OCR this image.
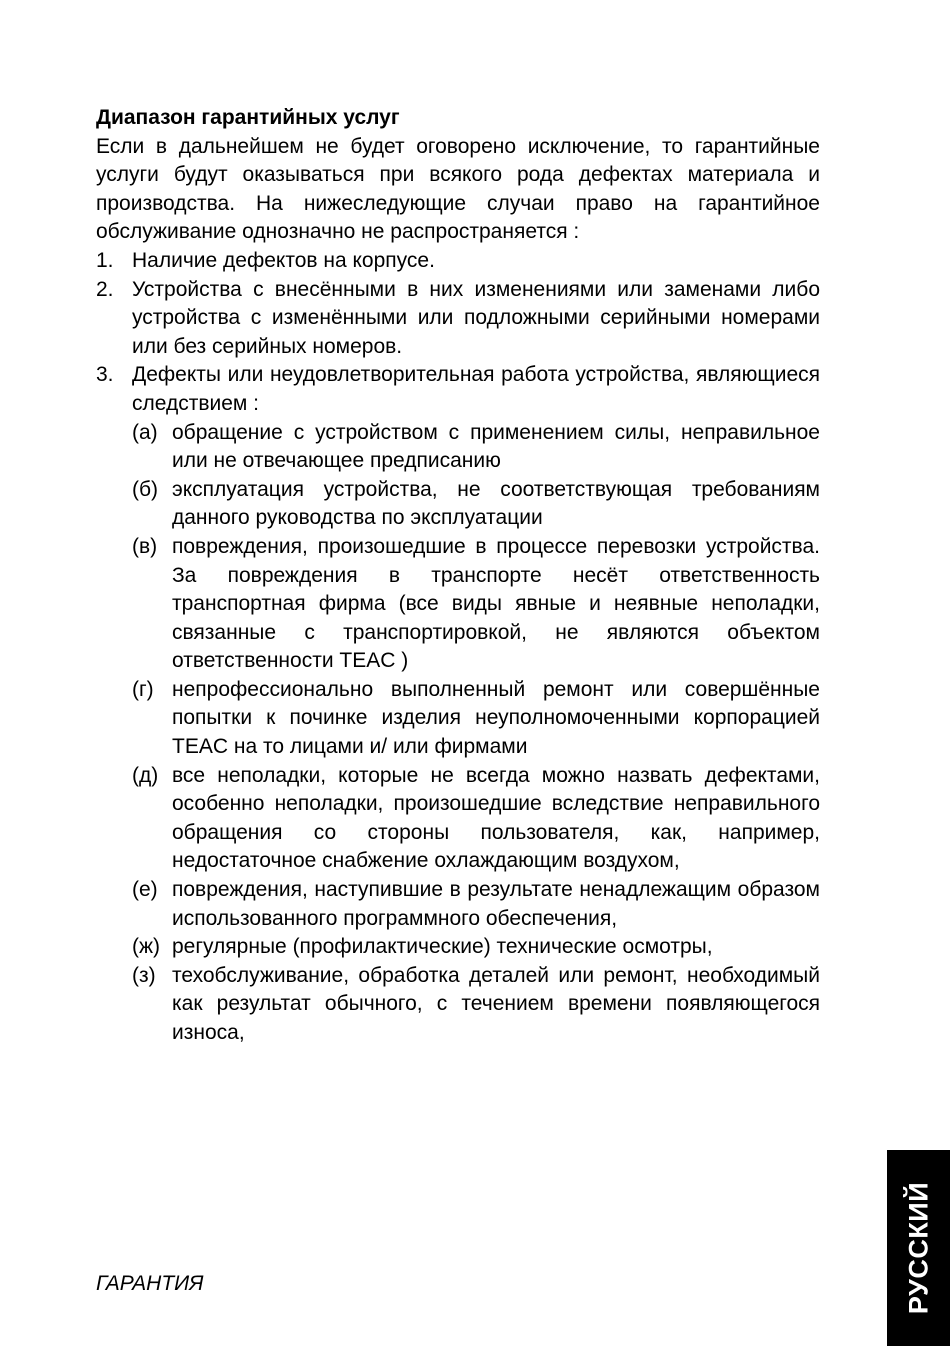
Диапазон гарантийных услуг

Если в дальнейшем не будет оговорено исключение, то гарантийные услуги будут оказываться при всякого рода дефектах материала и производства. На нижеследующие случаи право на гарантийное обслуживание однозначно не распространяется :

1. Наличие дефектов на корпусе.
2. Устройства с внесёнными в них изменениями или заменами либо устройства с изменёнными или подложными серийными номерами или без серийных номеров.
3. Дефекты или неудовлетворительная работа устройства, являющиеся следствием :
(а) обращение с устройством с применением силы, неправильное или не отвечающее предписанию
(б) эксплуатация устройства, не соответствующая требованиям данного руководства по эксплуатации
(в) повреждения, произошедшие в процессе перевозки устройства. За повреждения в транспорте несёт ответственность транспортная фирма (все виды явные и неявные неполадки, связанные с транспортировкой, не являются объектом ответственности TEAC )
(г) непрофессионально выполненный ремонт или совершённые попытки к починке изделия неуполномоченными корпорацией TEAC на то лицами и/ или фирмами
(д) все неполадки, которые не всегда можно назвать дефектами, особенно неполадки, произошедшие вследствие неправильного обращения со стороны пользователя, как, например, недостаточное снабжение охлаждающим воздухом,
(е) повреждения, наступившие в результате ненадлежащим образом использованного программного обеспечения,
(ж) регулярные (профилактические) технические осмотры,
(з) техобслуживание, обработка деталей или ремонт, необходимый как результат обычного, с течением времени появляющегося износа,
ГАРАНТИЯ	РУССКИЙ
